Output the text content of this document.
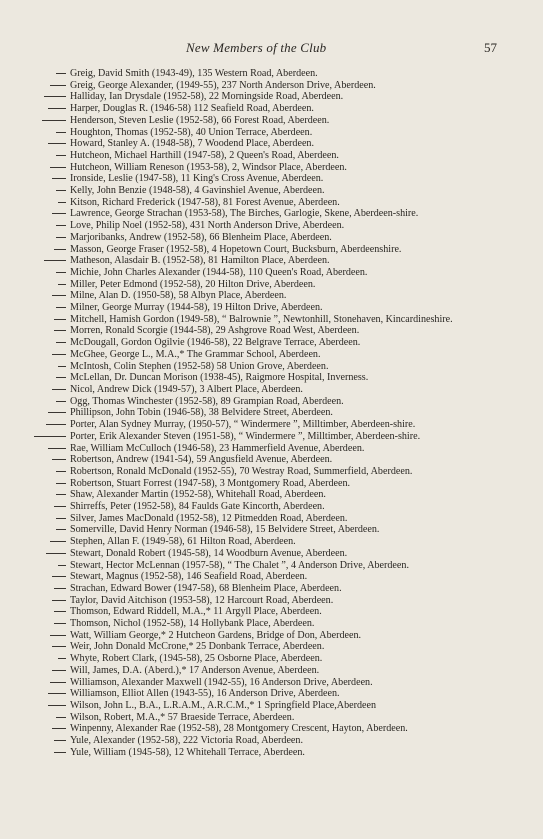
New Members of the Club	57
Greig, David Smith (1943-49), 135 Western Road, Aberdeen.
Greig, George Alexander, (1949-55), 237 North Anderson Drive, Aberdeen.
Halliday, Ian Drysdale (1952-58), 22 Morningside Road, Aberdeen.
Harper, Douglas R. (1946-58) 112 Seafield Road, Aberdeen.
Henderson, Steven Leslie (1952-58), 66 Forest Road, Aberdeen.
Houghton, Thomas (1952-58), 40 Union Terrace, Aberdeen.
Howard, Stanley A. (1948-58), 7 Woodend Place, Aberdeen.
Hutcheon, Michael Harthill (1947-58), 2 Queen's Road, Aberdeen.
Hutcheon, William Reneson (1953-58), 2, Windsor Place, Aberdeen.
Ironside, Leslie (1947-58), 11 King's Cross Avenue, Aberdeen.
Kelly, John Benzie (1948-58), 4 Gavinshiel Avenue, Aberdeen.
Kitson, Richard Frederick (1947-58), 81 Forest Avenue, Aberdeen.
Lawrence, George Strachan (1953-58), The Birches, Garlogie, Skene, Aberdeen-shire.
Love, Philip Noel (1952-58), 431 North Anderson Drive, Aberdeen.
Marjoribanks, Andrew (1952-58), 66 Blenheim Place, Aberdeen.
Masson, George Fraser (1952-58), 4 Hopetown Court, Bucksburn, Aberdeenshire.
Matheson, Alasdair B. (1952-58), 81 Hamilton Place, Aberdeen.
Michie, John Charles Alexander (1944-58), 110 Queen's Road, Aberdeen.
Miller, Peter Edmond (1952-58), 20 Hilton Drive, Aberdeen.
Milne, Alan D. (1950-58), 58 Albyn Place, Aberdeen.
Milner, George Murray (1944-58), 19 Hilton Drive, Aberdeen.
Mitchell, Hamish Gordon (1949-58), “ Balrownie ”, Newtonhill, Stonehaven, Kincardineshire.
Morren, Ronald Scorgie (1944-58), 29 Ashgrove Road West, Aberdeen.
McDougall, Gordon Ogilvie (1946-58), 22 Belgrave Terrace, Aberdeen.
McGhee, George L., M.A.,* The Grammar School, Aberdeen.
McIntosh, Colin Stephen (1952-58) 58 Union Grove, Aberdeen.
McLellan, Dr. Duncan Morison (1938-45), Raigmore Hospital, Inverness.
Nicol, Andrew Dick (1949-57), 3 Albert Place, Aberdeen.
Ogg, Thomas Winchester (1952-58), 89 Grampian Road, Aberdeen.
Phillipson, John Tobin (1946-58), 38 Belvidere Street, Aberdeen.
Porter, Alan Sydney Murray, (1950-57), “ Windermere ”, Milltimber, Aberdeen-shire.
Porter, Erik Alexander Steven (1951-58), “ Windermere ”, Milltimber, Aberdeen-shire.
Rae, William McCulloch (1946-58), 23 Hammerfield Avenue, Aberdeen.
Robertson, Andrew (1941-54), 59 Angusfield Avenue, Aberdeen.
Robertson, Ronald McDonald (1952-55), 70 Westray Road, Summerfield, Aberdeen.
Robertson, Stuart Forrest (1947-58), 3 Montgomery Road, Aberdeen.
Shaw, Alexander Martin (1952-58), Whitehall Road, Aberdeen.
Shirreffs, Peter (1952-58), 84 Faulds Gate Kincorth, Aberdeen.
Silver, James MacDonald (1952-58), 12 Pitmedden Road, Aberdeen.
Somerville, David Henry Norman (1946-58), 15 Belvidere Street, Aberdeen.
Stephen, Allan F. (1949-58), 61 Hilton Road, Aberdeen.
Stewart, Donald Robert (1945-58), 14 Woodburn Avenue, Aberdeen.
Stewart, Hector McLennan (1957-58), “ The Chalet ”, 4 Anderson Drive, Aberdeen.
Stewart, Magnus (1952-58), 146 Seafield Road, Aberdeen.
Strachan, Edward Bower (1947-58), 68 Blenheim Place, Aberdeen.
Taylor, David Aitchison (1953-58), 12 Harcourt Road, Aberdeen.
Thomson, Edward Riddell, M.A.,* 11 Argyll Place, Aberdeen.
Thomson, Nichol (1952-58), 14 Hollybank Place, Aberdeen.
Watt, William George,* 2 Hutcheon Gardens, Bridge of Don, Aberdeen.
Weir, John Donald McCrone,* 25 Donbank Terrace, Aberdeen.
Whyte, Robert Clark, (1945-58), 25 Osborne Place, Aberdeen.
Will, James, D.A. (Aberd.),* 17 Anderson Avenue, Aberdeen.
Williamson, Alexander Maxwell (1942-55), 16 Anderson Drive, Aberdeen.
Williamson, Elliot Allen (1943-55), 16 Anderson Drive, Aberdeen.
Wilson, John L., B.A., L.R.A.M., A.R.C.M.,* 1 Springfield Place,Aberdeen
Wilson, Robert, M.A.,* 57 Braeside Terrace, Aberdeen.
Winpenny, Alexander Rae (1952-58), 28 Montgomery Crescent, Hayton, Aberdeen.
Yule, Alexander (1952-58), 222 Victoria Road, Aberdeen.
Yule, William (1945-58), 12 Whitehall Terrace, Aberdeen.
